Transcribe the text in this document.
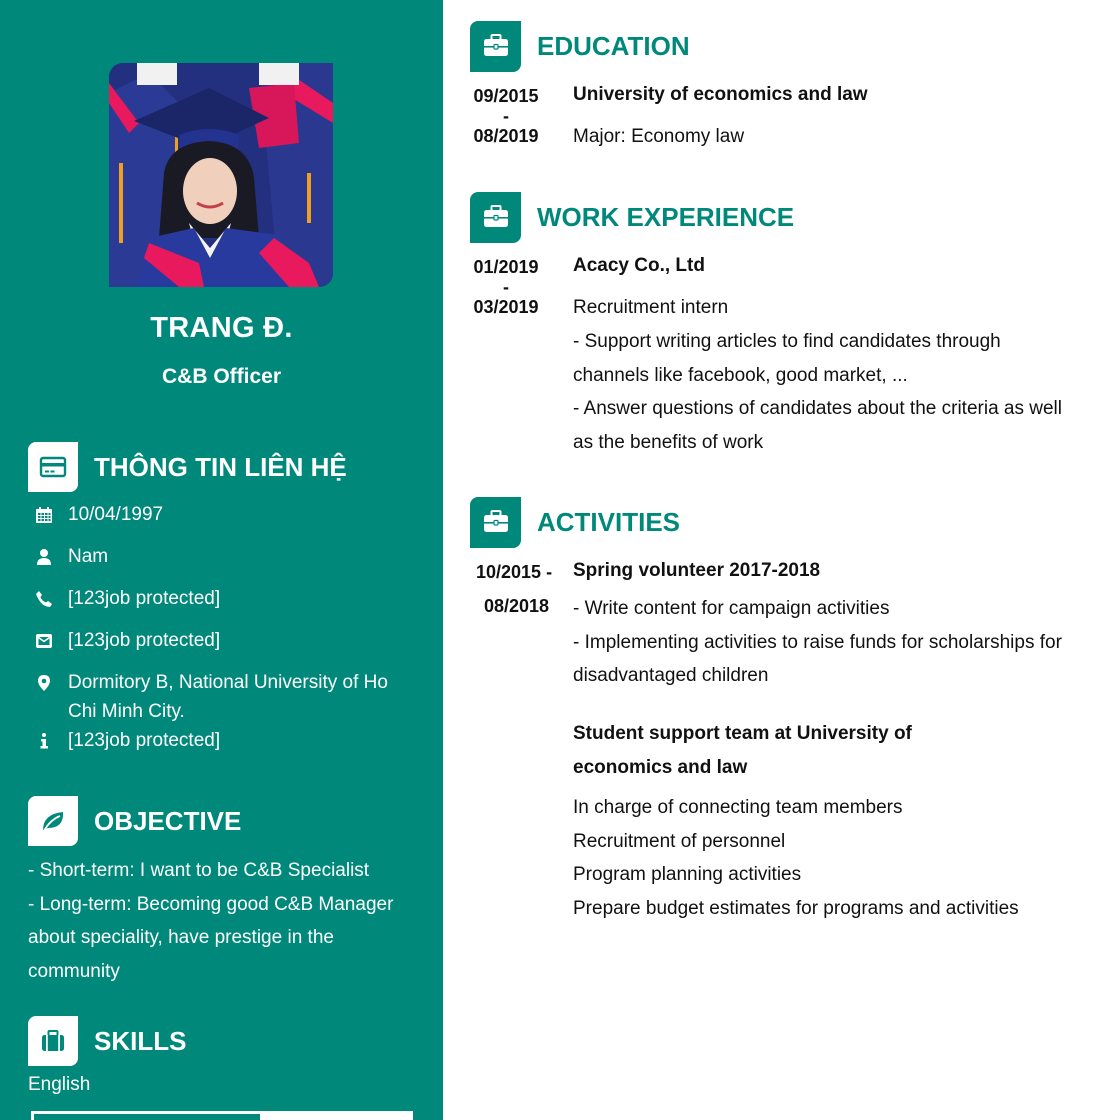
TRANG Đ.
C&B Officer
THÔNG TIN LIÊN HỆ
10/04/1997
Nam
[123job protected]
[123job protected]
Dormitory B, National University of Ho Chi Minh City.
[123job protected]
OBJECTIVE
- Short-term: I want to be C&B Specialist
- Long-term: Becoming good C&B Manager about speciality, have prestige in the community
SKILLS
English
EDUCATION
09/2015
-
08/2019
University of economics and law
Major: Economy law
WORK EXPERIENCE
01/2019
-
03/2019
Acacy Co., Ltd
Recruitment intern
- Support writing articles to find candidates through channels like facebook, good market, ...
- Answer questions of candidates about the criteria as well as the benefits of work
ACTIVITIES
10/2015 -
08/2018
Spring volunteer 2017-2018
- Write content for campaign activities
- Implementing activities to raise funds for scholarships for disadvantaged children
Student support team at University of economics and law
In charge of connecting team members
Recruitment of personnel
Program planning activities
Prepare budget estimates for programs and activities
